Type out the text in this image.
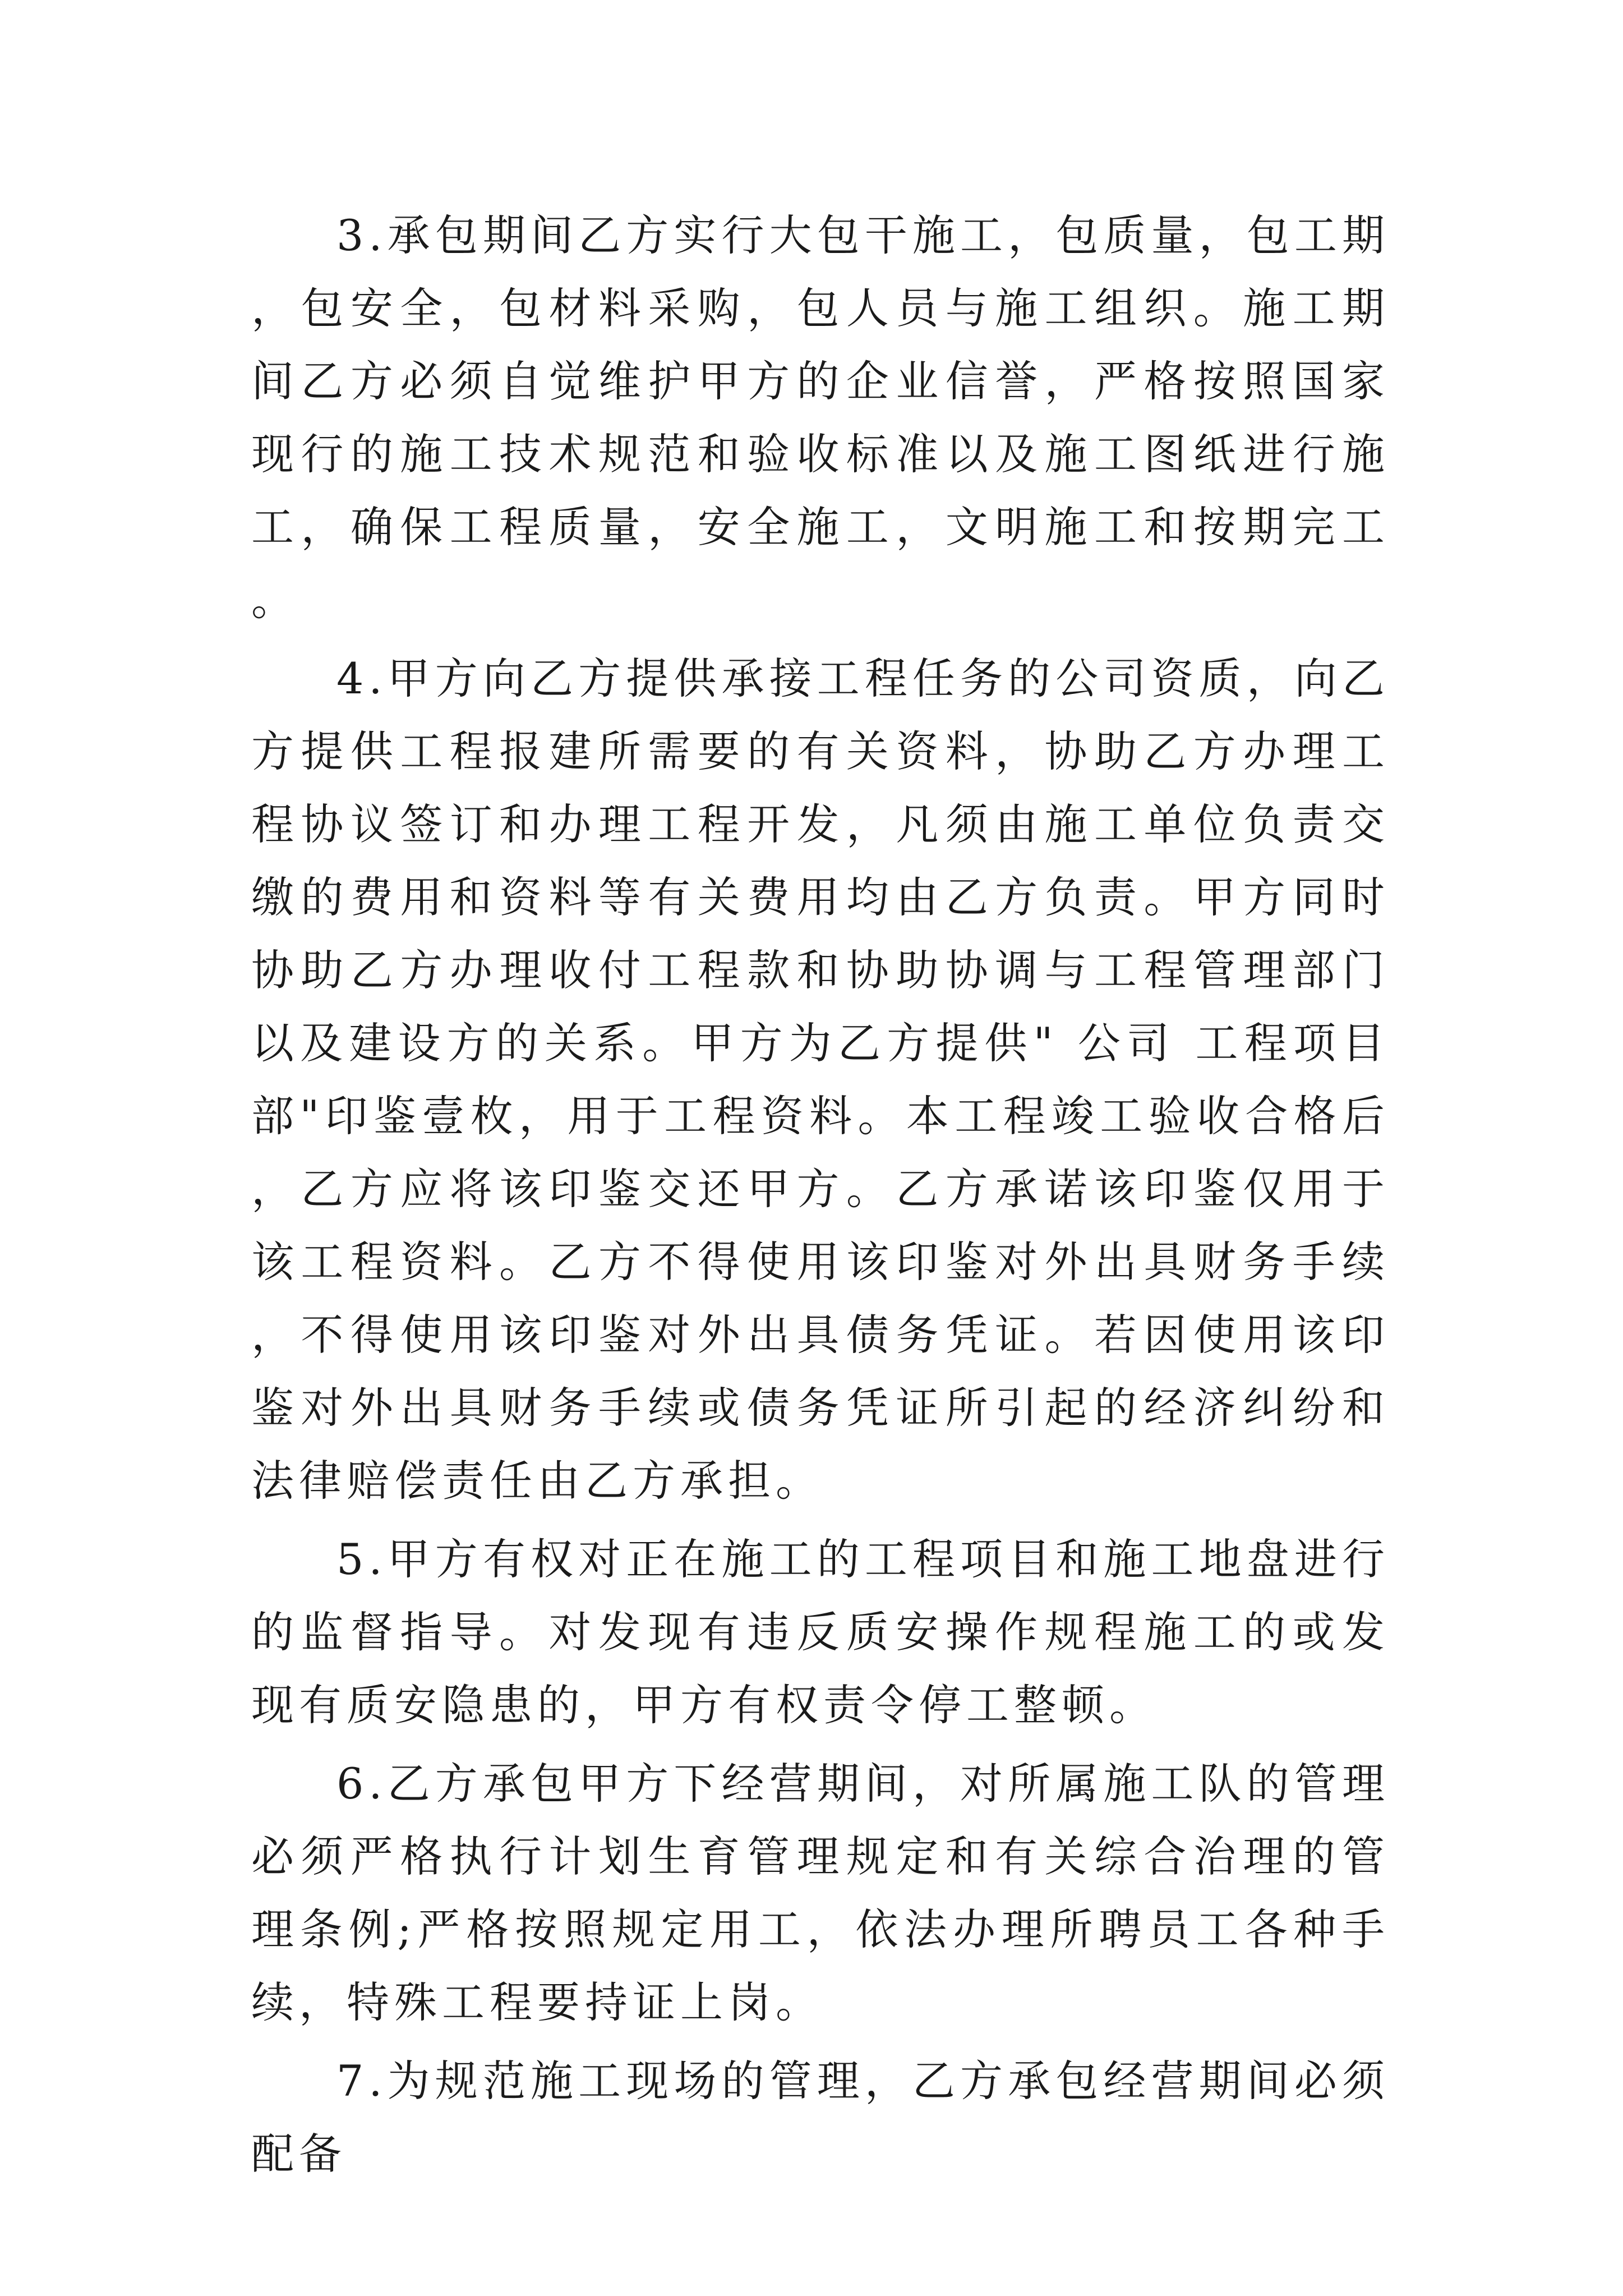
3.承包期间乙方实行大包干施工，包质量，包工期，包安全，包材料采购，包人员与施工组织。施工期间乙方必须自觉维护甲方的企业信誉，严格按照国家现行的施工技术规范和验收标准以及施工图纸进行施工，确保工程质量，安全施工，文明施工和按期完工。

4.甲方向乙方提供承接工程任务的公司资质，向乙方提供工程报建所需要的有关资料，协助乙方办理工程协议签订和办理工程开发，凡须由施工单位负责交缴的费用和资料等有关费用均由乙方负责。甲方同时协助乙方办理收付工程款和协助协调与工程管理部门以及建设方的关系。甲方为乙方提供" 公司 工程项目部"印鉴壹枚，用于工程资料。本工程竣工验收合格后，乙方应将该印鉴交还甲方。乙方承诺该印鉴仅用于该工程资料。乙方不得使用该印鉴对外出具财务手续，不得使用该印鉴对外出具债务凭证。若因使用该印鉴对外出具财务手续或债务凭证所引起的经济纠纷和法律赔偿责任由乙方承担。

5.甲方有权对正在施工的工程项目和施工地盘进行的监督指导。对发现有违反质安操作规程施工的或发现有质安隐患的，甲方有权责令停工整顿。

6.乙方承包甲方下经营期间，对所属施工队的管理必须严格执行计划生育管理规定和有关综合治理的管理条例;严格按照规定用工，依法办理所聘员工各种手续，特殊工程要持证上岗。

7.为规范施工现场的管理，乙方承包经营期间必须配备
